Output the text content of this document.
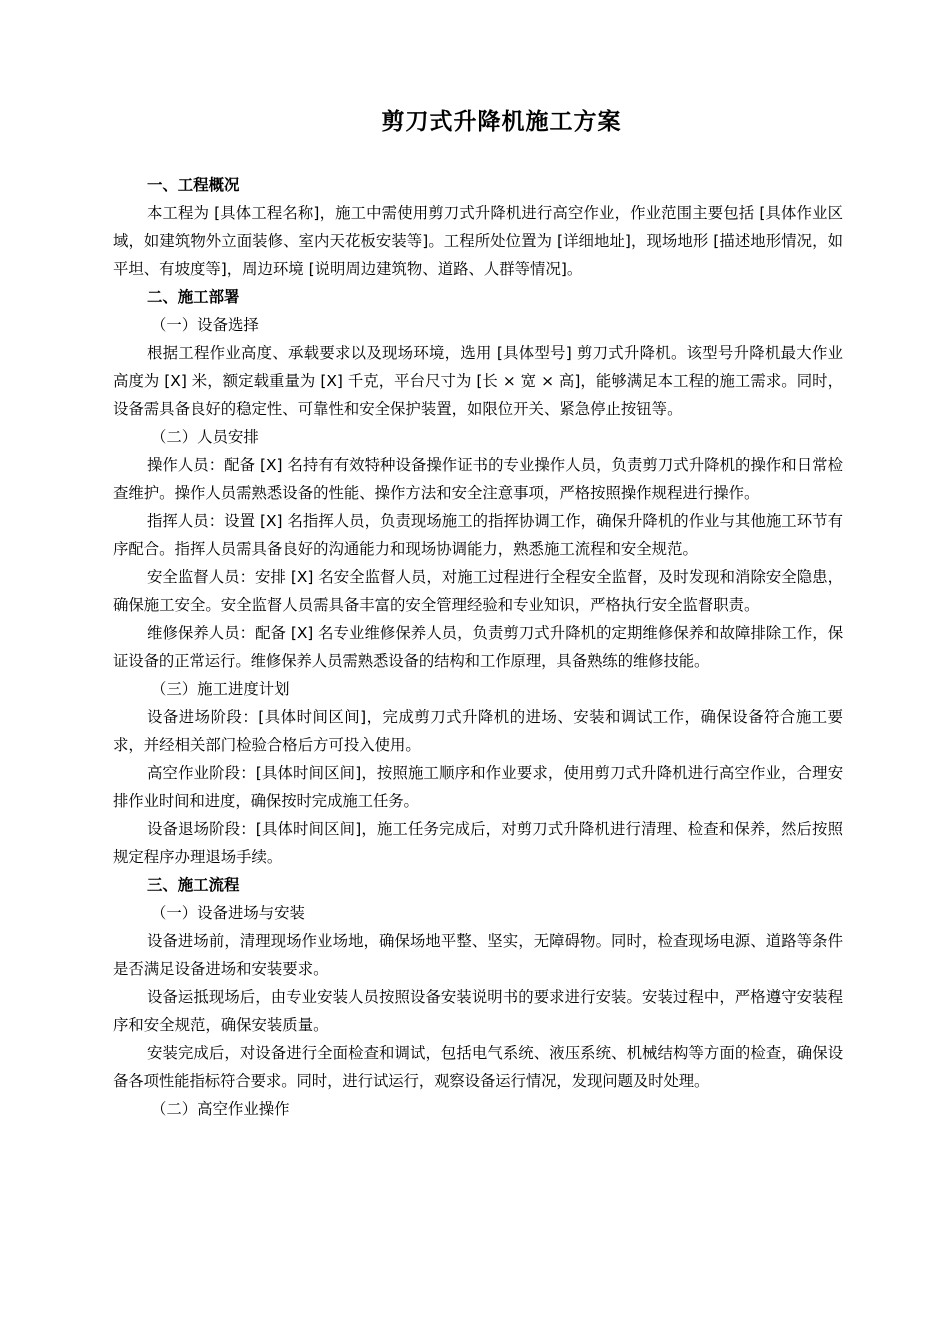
剪刀式升降机施工方案

一、工程概况

本工程为 [具体工程名称]，施工中需使用剪刀式升降机进行高空作业，作业范围主要包括 [具体作业区域，如建筑物外立面装修、室内天花板安装等]。工程所处位置为 [详细地址]，现场地形 [描述地形情况，如平坦、有坡度等]，周边环境 [说明周边建筑物、道路、人群等情况]。

二、施工部署

（一）设备选择

根据工程作业高度、承载要求以及现场环境，选用 [具体型号] 剪刀式升降机。该型号升降机最大作业高度为 [X] 米，额定载重量为 [X] 千克，平台尺寸为 [长 × 宽 × 高]，能够满足本工程的施工需求。同时，设备需具备良好的稳定性、可靠性和安全保护装置，如限位开关、紧急停止按钮等。

（二）人员安排

操作人员：配备 [X] 名持有有效特种设备操作证书的专业操作人员，负责剪刀式升降机的操作和日常检查维护。操作人员需熟悉设备的性能、操作方法和安全注意事项，严格按照操作规程进行操作。

指挥人员：设置 [X] 名指挥人员，负责现场施工的指挥协调工作，确保升降机的作业与其他施工环节有序配合。指挥人员需具备良好的沟通能力和现场协调能力，熟悉施工流程和安全规范。

安全监督人员：安排 [X] 名安全监督人员，对施工过程进行全程安全监督，及时发现和消除安全隐患，确保施工安全。安全监督人员需具备丰富的安全管理经验和专业知识，严格执行安全监督职责。

维修保养人员：配备 [X] 名专业维修保养人员，负责剪刀式升降机的定期维修保养和故障排除工作，保证设备的正常运行。维修保养人员需熟悉设备的结构和工作原理，具备熟练的维修技能。

（三）施工进度计划

设备进场阶段：[具体时间区间]，完成剪刀式升降机的进场、安装和调试工作，确保设备符合施工要求，并经相关部门检验合格后方可投入使用。

高空作业阶段：[具体时间区间]，按照施工顺序和作业要求，使用剪刀式升降机进行高空作业，合理安排作业时间和进度，确保按时完成施工任务。

设备退场阶段：[具体时间区间]，施工任务完成后，对剪刀式升降机进行清理、检查和保养，然后按照规定程序办理退场手续。

三、施工流程

（一）设备进场与安装

设备进场前，清理现场作业场地，确保场地平整、坚实，无障碍物。同时，检查现场电源、道路等条件是否满足设备进场和安装要求。

设备运抵现场后，由专业安装人员按照设备安装说明书的要求进行安装。安装过程中，严格遵守安装程序和安全规范，确保安装质量。

安装完成后，对设备进行全面检查和调试，包括电气系统、液压系统、机械结构等方面的检查，确保设备各项性能指标符合要求。同时，进行试运行，观察设备运行情况，发现问题及时处理。

（二）高空作业操作
